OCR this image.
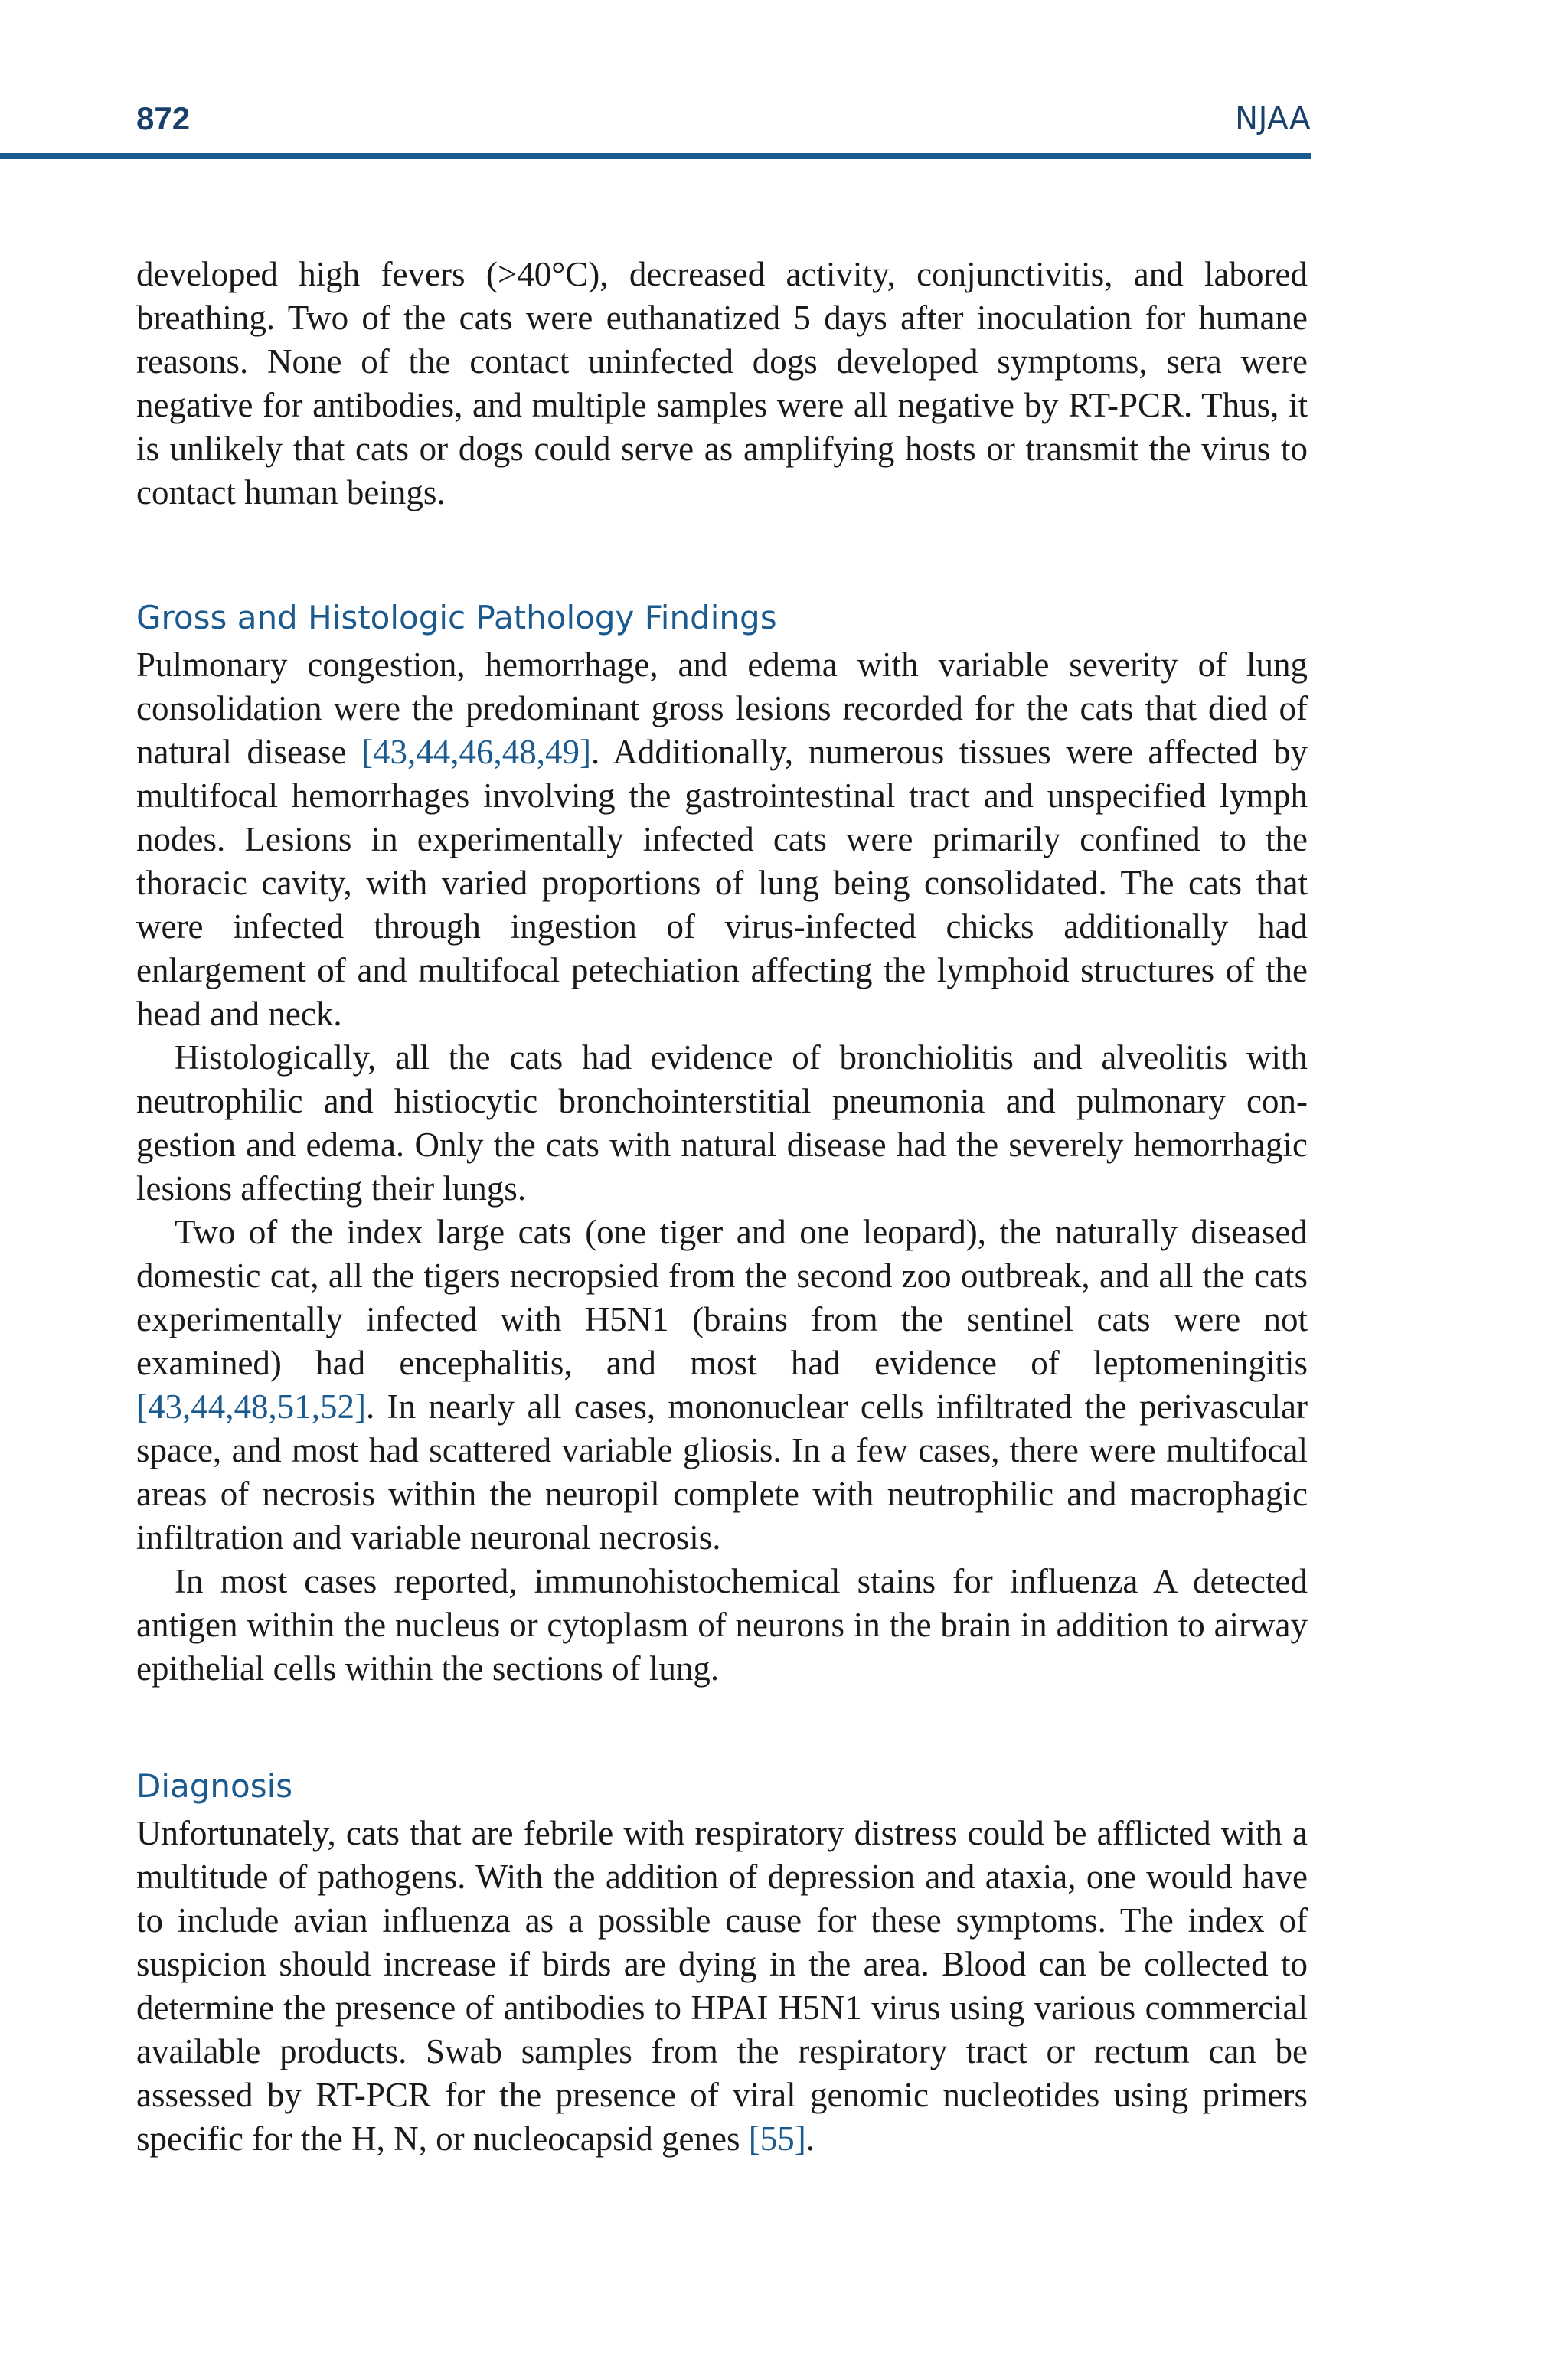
872	NJAA

developed high fevers (>40°C), decreased activity, conjunctivitis, and labored breathing. Two of the cats were euthanatized 5 days after inoculation for humane reasons. None of the contact uninfected dogs developed symptoms, sera were negative for antibodies, and multiple samples were all negative by RT-PCR. Thus, it is unlikely that cats or dogs could serve as amplifying hosts or transmit the virus to contact human beings.

Gross and Histologic Pathology Findings

Pulmonary congestion, hemorrhage, and edema with variable severity of lung consolidation were the predominant gross lesions recorded for the cats that died of natural disease [43,44,46,48,49]. Additionally, numerous tissues were affected by multifocal hemorrhages involving the gastrointestinal tract and unspecified lymph nodes. Lesions in experimentally infected cats were primarily confined to the thoracic cavity, with varied proportions of lung being consolidated. The cats that were infected through ingestion of virus-infected chicks additionally had enlargement of and multifocal petechiation affecting the lymphoid structures of the head and neck.

Histologically, all the cats had evidence of bronchiolitis and alveolitis with neutrophilic and histiocytic bronchointerstitial pneumonia and pulmonary congestion and edema. Only the cats with natural disease had the severely hemorrhagic lesions affecting their lungs.

Two of the index large cats (one tiger and one leopard), the naturally diseased domestic cat, all the tigers necropsied from the second zoo outbreak, and all the cats experimentally infected with H5N1 (brains from the sentinel cats were not examined) had encephalitis, and most had evidence of leptomeningitis [43,44,48,51,52]. In nearly all cases, mononuclear cells infiltrated the perivascular space, and most had scattered variable gliosis. In a few cases, there were multifocal areas of necrosis within the neuropil complete with neutrophilic and macrophagic infiltration and variable neuronal necrosis.

In most cases reported, immunohistochemical stains for influenza A detected antigen within the nucleus or cytoplasm of neurons in the brain in addition to airway epithelial cells within the sections of lung.

Diagnosis

Unfortunately, cats that are febrile with respiratory distress could be afflicted with a multitude of pathogens. With the addition of depression and ataxia, one would have to include avian influenza as a possible cause for these symptoms. The index of suspicion should increase if birds are dying in the area. Blood can be collected to determine the presence of antibodies to HPAI H5N1 virus using various commercial available products. Swab samples from the respiratory tract or rectum can be assessed by RT-PCR for the presence of viral genomic nucleotides using primers specific for the H, N, or nucleocapsid genes [55].
